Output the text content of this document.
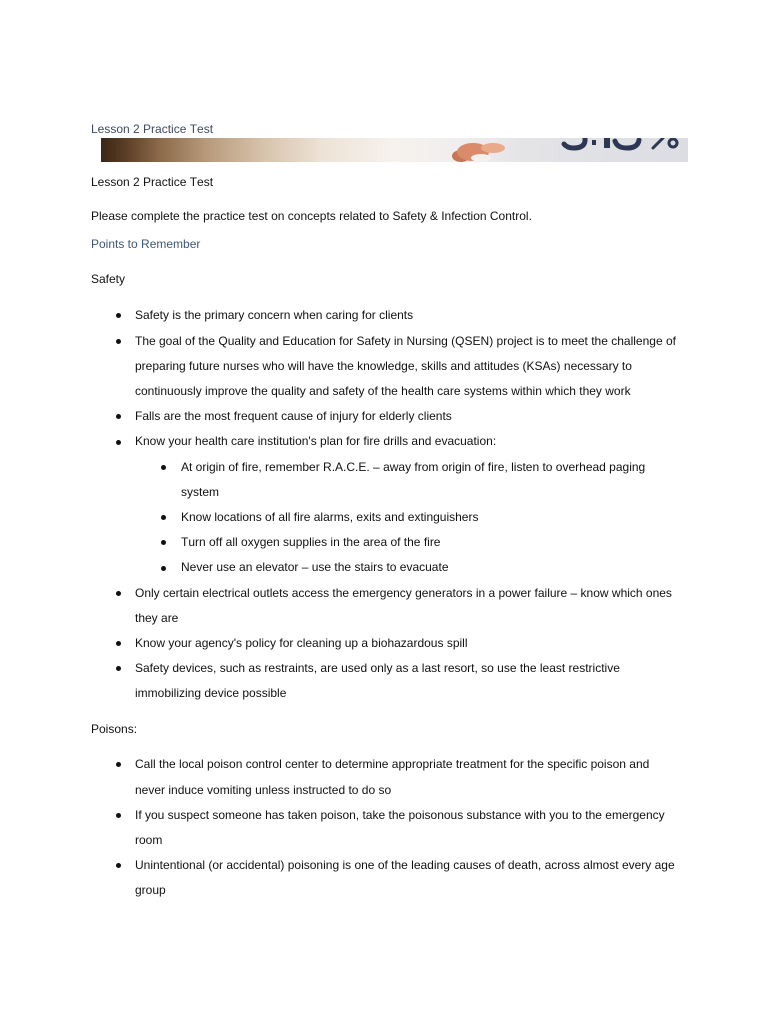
Lesson 2 Practice Test
Lesson 2 Practice Test

Please complete the practice test on concepts related to Safety & Infection Control.

Points to Remember
Safety
Safety is the primary concern when caring for clients
The goal of the Quality and Education for Safety in Nursing (QSEN) project is to meet the challenge of preparing future nurses who will have the knowledge, skills and attitudes (KSAs) necessary to continuously improve the quality and safety of the health care systems within which they work
Falls are the most frequent cause of injury for elderly clients
Know your health care institution's plan for fire drills and evacuation:
At origin of fire, remember R.A.C.E. – away from origin of fire, listen to overhead paging system
Know locations of all fire alarms, exits and extinguishers
Turn off all oxygen supplies in the area of the fire
Never use an elevator – use the stairs to evacuate
Only certain electrical outlets access the emergency generators in a power failure – know which ones they are
Know your agency's policy for cleaning up a biohazardous spill
Safety devices, such as restraints, are used only as a last resort, so use the least restrictive immobilizing device possible
Poisons:
Call the local poison control center to determine appropriate treatment for the specific poison and never induce vomiting unless instructed to do so
If you suspect someone has taken poison, take the poisonous substance with you to the emergency room
Unintentional (or accidental) poisoning is one of the leading causes of death, across almost every age group
